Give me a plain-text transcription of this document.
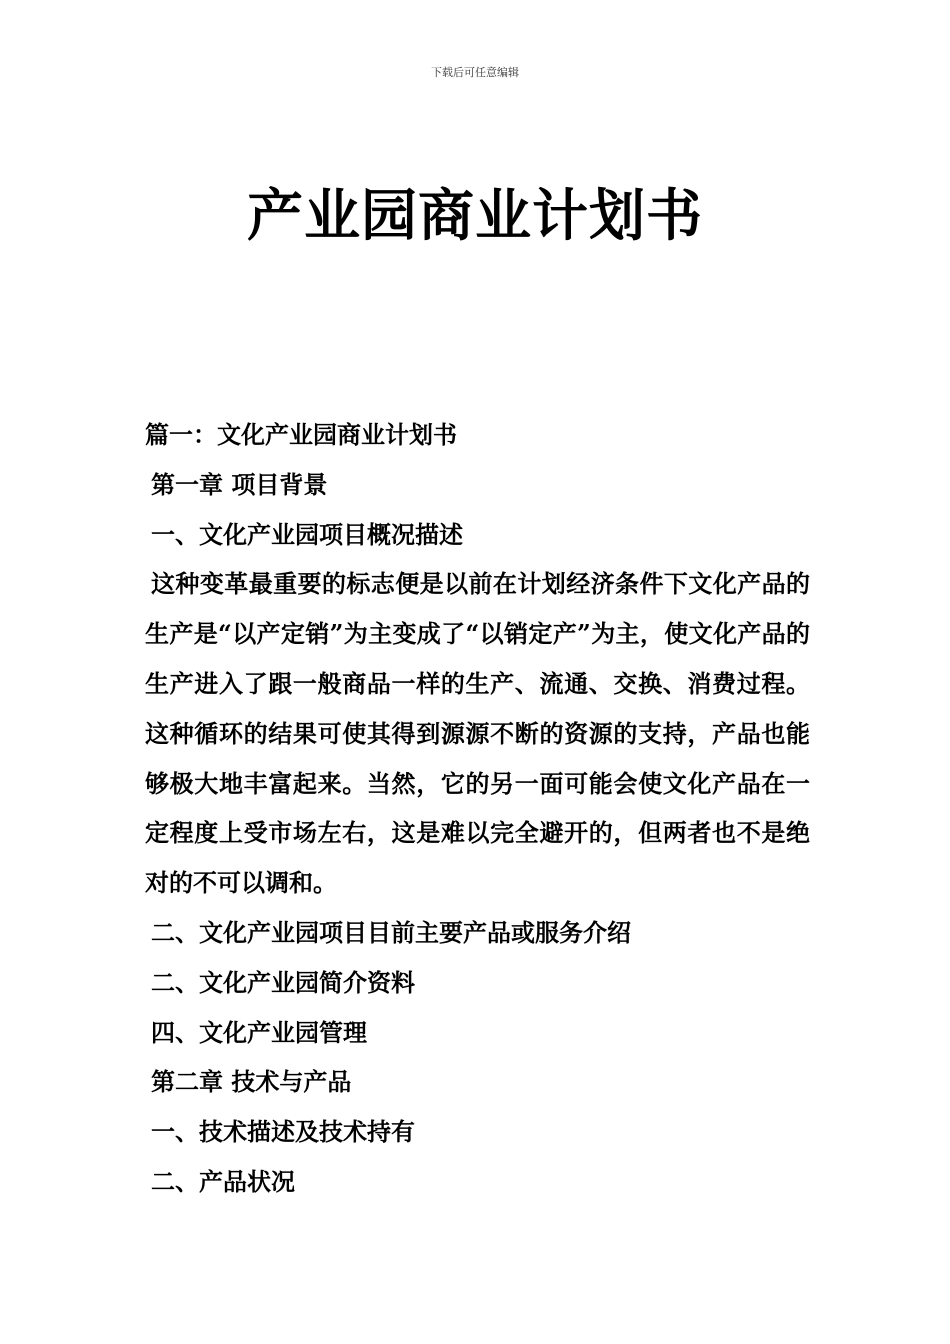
下载后可任意编辑
产业园商业计划书
篇一：文化产业园商业计划书
第一章 项目背景
一、文化产业园项目概况描述
这种变革最重要的标志便是以前在计划经济条件下文化产品的生产是“以产定销”为主变成了“以销定产”为主，使文化产品的生产进入了跟一般商品一样的生产、流通、交换、消费过程。这种循环的结果可使其得到源源不断的资源的支持，产品也能够极大地丰富起来。当然，它的另一面可能会使文化产品在一定程度上受市场左右，这是难以完全避开的，但两者也不是绝对的不可以调和。
二、文化产业园项目目前主要产品或服务介绍
二、文化产业园简介资料
四、文化产业园管理
第二章 技术与产品
一、技术描述及技术持有
二、产品状况
